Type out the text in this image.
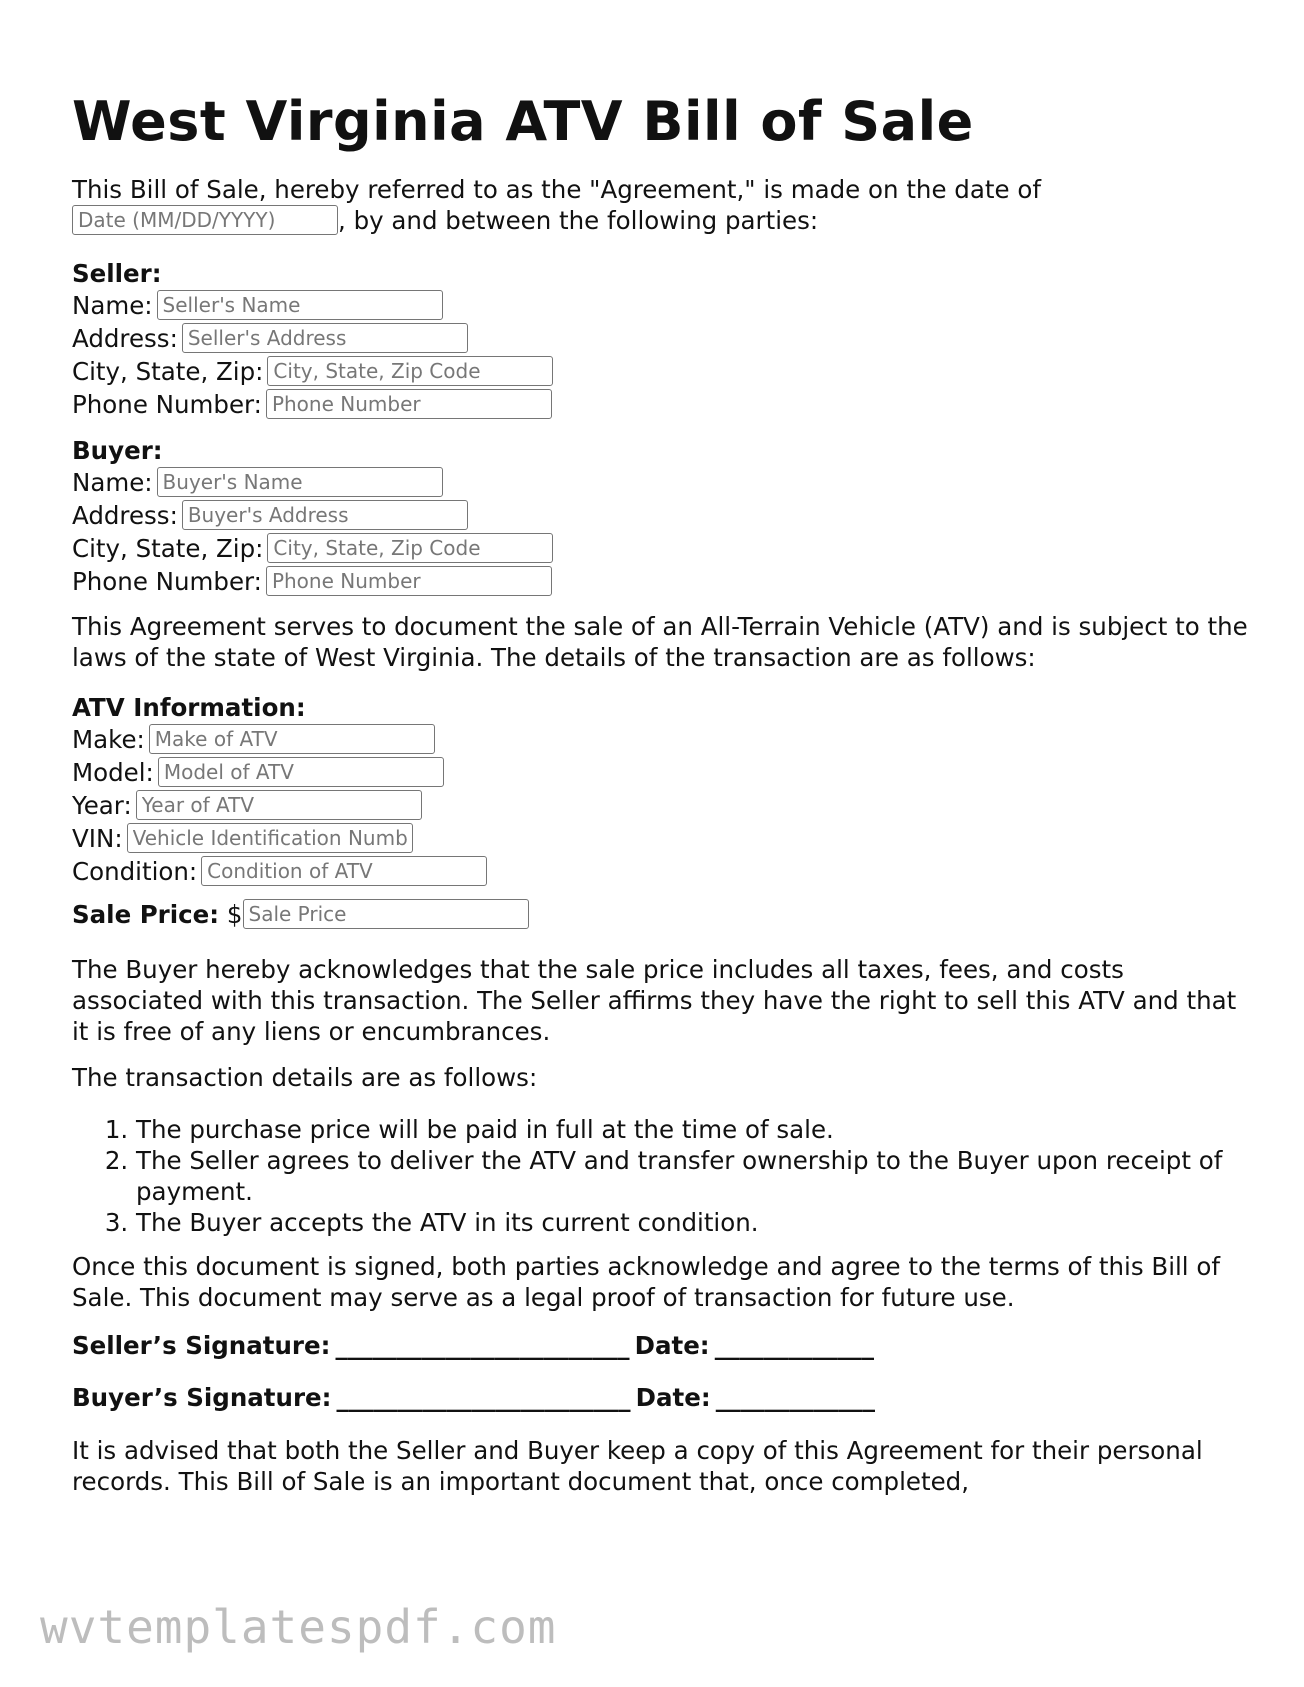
West Virginia ATV Bill of Sale
This Bill of Sale, hereby referred to as the "Agreement," is made on the date of
Date (MM/DD/YYYY), by and between the following parties:
Seller:
Name:Seller's Name
Address:Seller's Address
City, State, Zip:City, State, Zip Code
Phone Number:Phone Number
Buyer:
Name:Buyer's Name
Address:Buyer's Address
City, State, Zip:City, State, Zip Code
Phone Number:Phone Number
This Agreement serves to document the sale of an All-Terrain Vehicle (ATV) and is subject to the laws of the state of West Virginia. The details of the transaction are as follows:
ATV Information:
Make:Make of ATV
Model:Model of ATV
Year:Year of ATV
VIN:Vehicle Identification Number
Condition:Condition of ATV
Sale Price: $Sale Price
The Buyer hereby acknowledges that the sale price includes all taxes, fees, and costs associated with this transaction. The Seller affirms they have the right to sell this ATV and that it is free of any liens or encumbrances.
The transaction details are as follows:
1. The purchase price will be paid in full at the time of sale.
2. The Seller agrees to deliver the ATV and transfer ownership to the Buyer upon receipt of payment.
3. The Buyer accepts the ATV in its current condition.
Once this document is signed, both parties acknowledge and agree to the terms of this Bill of Sale. This document may serve as a legal proof of transaction for future use.
Seller’s Signature: ________________________ Date: _____________
Buyer’s Signature: ________________________ Date: _____________
It is advised that both the Seller and Buyer keep a copy of this Agreement for their personal records. This Bill of Sale is an important document that, once completed,
wvtemplatespdf.com
